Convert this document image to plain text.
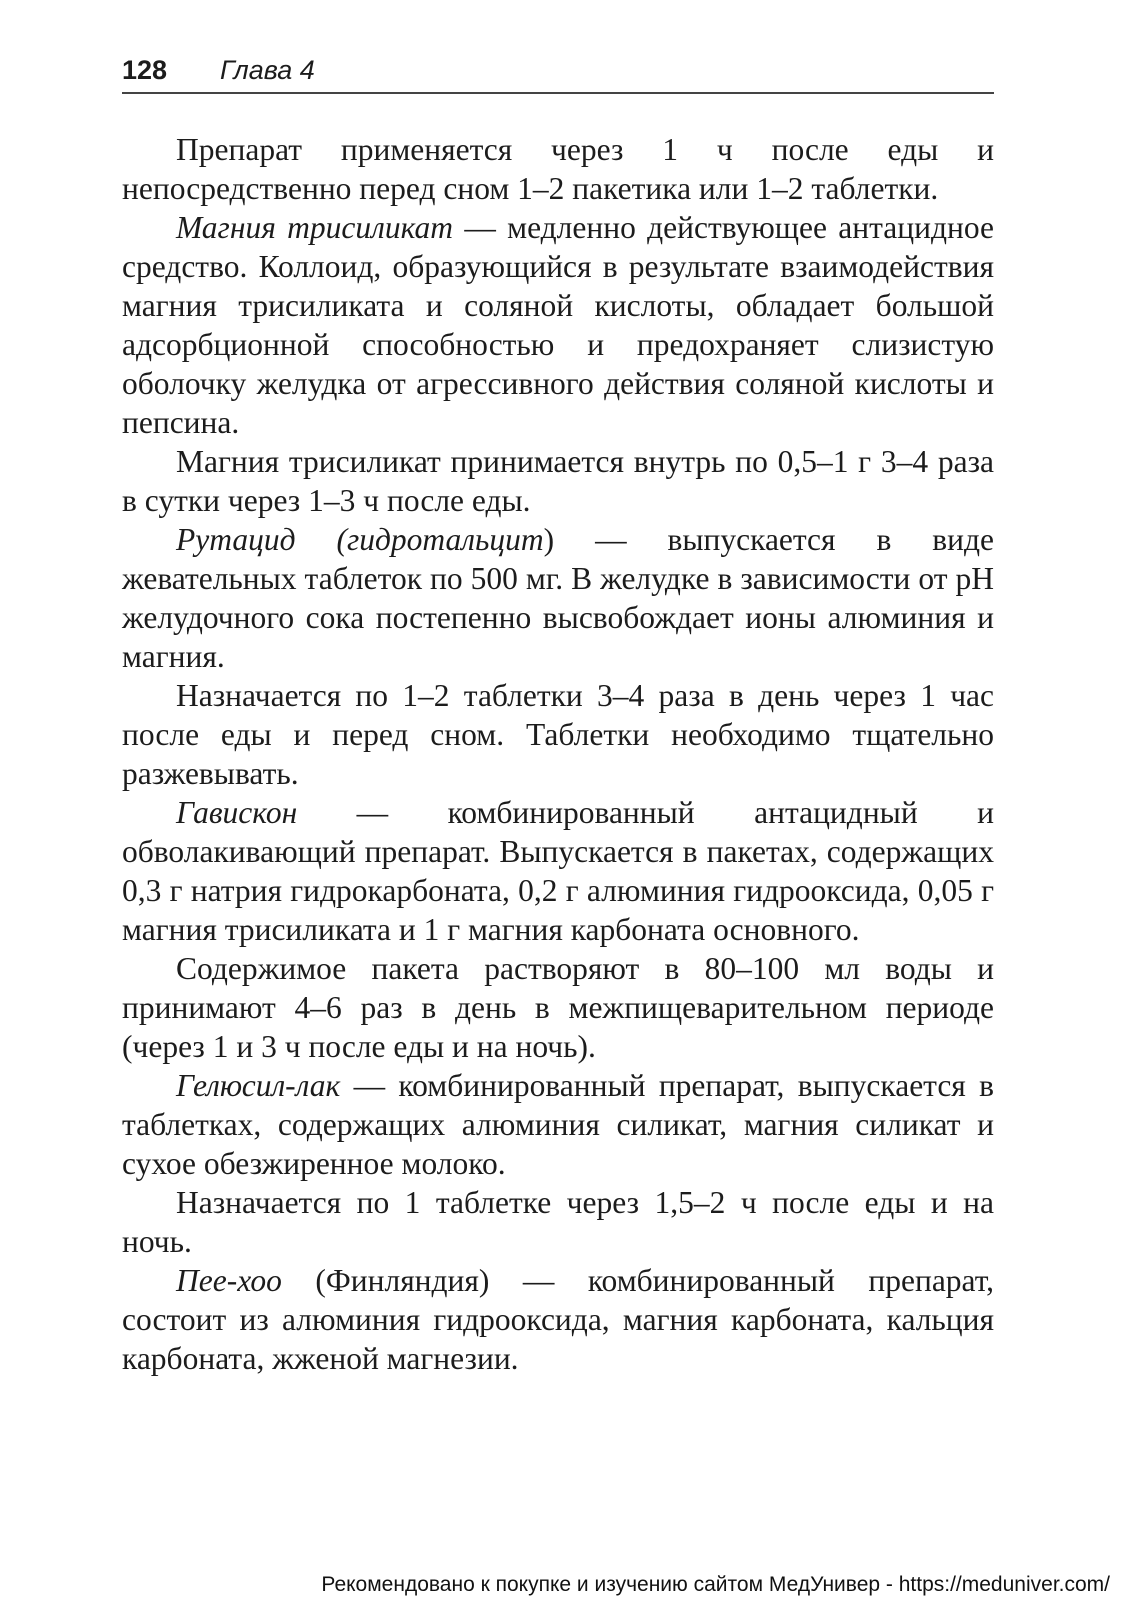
128 Глава 4

Препарат применяется через 1 ч после еды и непосредственно перед сном 1–2 пакетика или 1–2 таблетки.

Магния трисиликат — медленно действующее антацидное средство. Коллоид, образующийся в результате взаимодействия магния трисиликата и соляной кислоты, обладает большой адсорбционной способностью и предохраняет слизистую оболочку желудка от агрессивного действия соляной кислоты и пепсина.

Магния трисиликат принимается внутрь по 0,5–1 г 3–4 раза в сутки через 1–3 ч после еды.

Рутацид (гидротальцит) — выпускается в виде жевательных таблеток по 500 мг. В желудке в зависимости от pH желудочного сока постепенно высвобождает ионы алюминия и магния.

Назначается по 1–2 таблетки 3–4 раза в день через 1 час после еды и перед сном. Таблетки необходимо тщательно разжевывать.

Гавискон — комбинированный антацидный и обволакивающий препарат. Выпускается в пакетах, содержащих 0,3 г натрия гидрокарбоната, 0,2 г алюминия гидрооксида, 0,05 г магния трисиликата и 1 г магния карбоната основного.

Содержимое пакета растворяют в 80–100 мл воды и принимают 4–6 раз в день в межпищеварительном периоде (через 1 и 3 ч после еды и на ночь).

Гелюсил-лак — комбинированный препарат, выпускается в таблетках, содержащих алюминия силикат, магния силикат и сухое обезжиренное молоко.

Назначается по 1 таблетке через 1,5–2 ч после еды и на ночь.

Пее-хоо (Финляндия) — комбинированный препарат, состоит из алюминия гидрооксида, магния карбоната, кальция карбоната, жженой магнезии.

Рекомендовано к покупке и изучению сайтом МедУнивер - https://meduniver.com/
